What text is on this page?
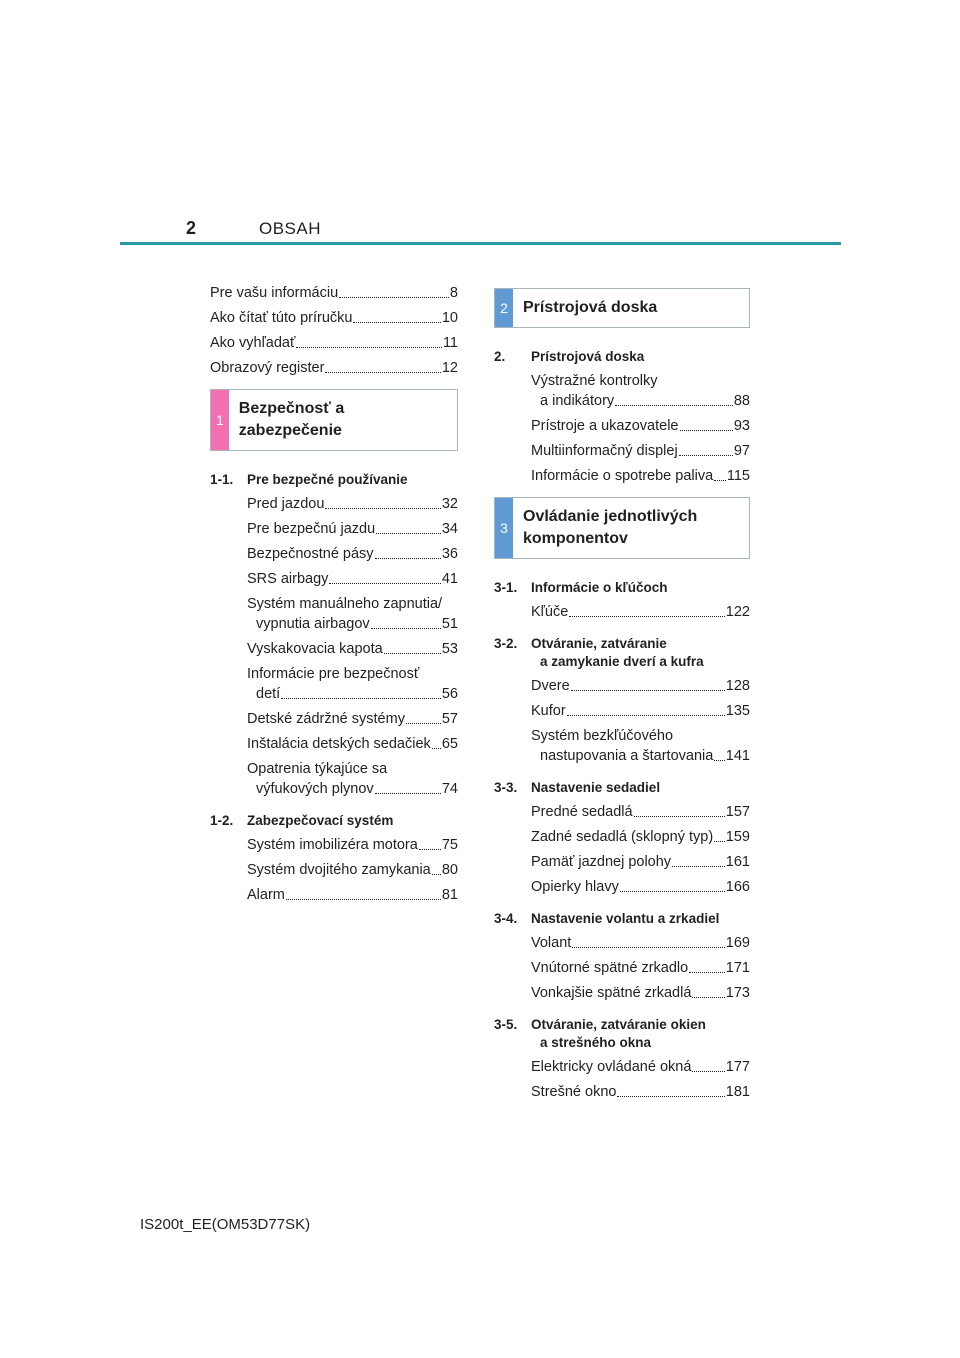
2	OBSAH
Pre vašu informáciu	8
Ako čítať túto príručku	10
Ako vyhľadať	11
Obrazový register	12
1
Bezpečnosť a zabezpečenie
1-1.	Pre bezpečné používanie
Pred jazdou	32
Pre bezpečnú jazdu	34
Bezpečnostné pásy	36
SRS airbagy	41
Systém manuálneho zapnutia/
vypnutia airbagov	51
Vyskakovacia kapota	53
Informácie pre bezpečnosť
detí	56
Detské zádržné systémy	57
Inštalácia detských sedačiek 65
Opatrenia týkajúce sa
výfukových plynov	74
1-2.	Zabezpečovací systém
Systém imobilizéra motora 75
Systém dvojitého zamykania 80
Alarm	81
2 Prístrojová doska
2.	Prístrojová doska
Výstražné kontrolky
a indikátory	88
Prístroje a ukazovatele	93
Multiinformačný displej	97
Informácie o spotrebe paliva 115
3
Ovládanie jednotlivých
komponentov
3-1.	Informácie o kľúčoch
Kľúče	122
3-2.	Otváranie, zatváranie
a zamykanie dverí a kufra
Dvere	128
Kufor	135
Systém bezkľúčového
nastupovania a štartovania 141
3-3.	Nastavenie sedadiel
Predné sedadlá	157
Zadné sedadlá (sklopný typ) 159
Pamäť jazdnej polohy	161
Opierky hlavy	166
3-4.	Nastavenie volantu a zrkadiel
Volant	169
Vnútorné spätné zrkadlo	171
Vonkajšie spätné zrkadlá 173
3-5.	Otváranie, zatváranie okien
a strešného okna
Elektricky ovládané okná 177
Strešné okno	181
IS200t_EE(OM53D77SK)
